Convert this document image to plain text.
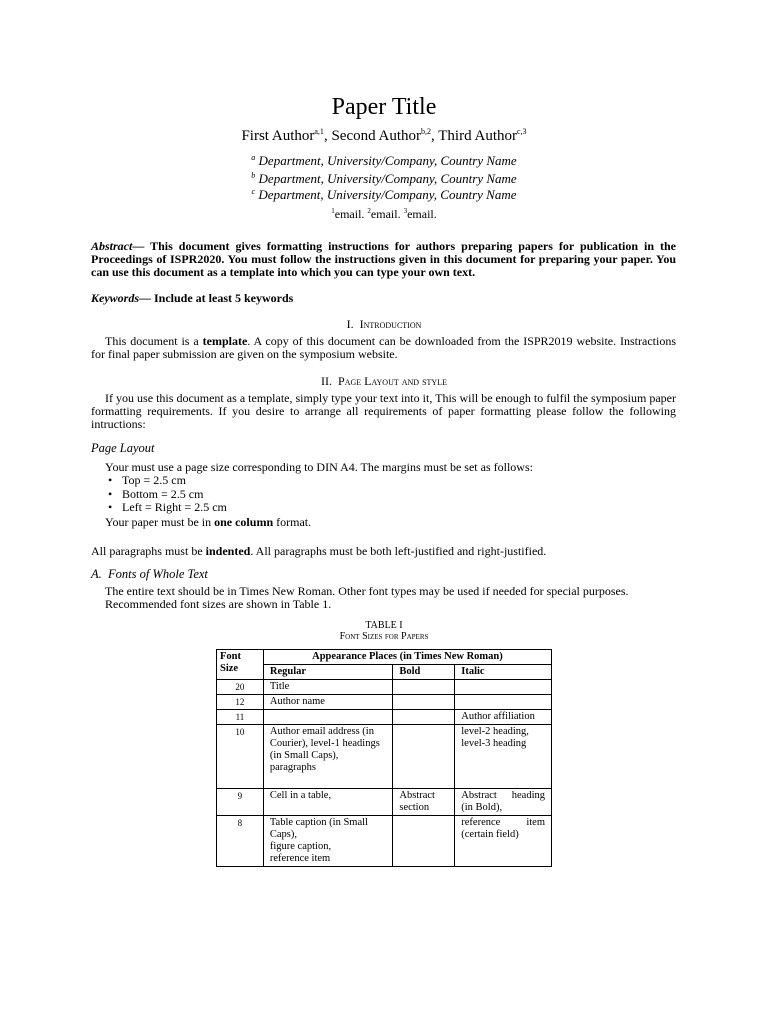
Paper Title
First Author$^{a,1}$, Second Author$^{b,2}$, Third Author$^{c,3}$
$^a$ Department, University/Company, Country Name
$^b$ Department, University/Company, Country Name
$^c$ Department, University/Company, Country Name
$^1$email. $^2$email. $^3$email.
Abstract— This document gives formatting instructions for authors preparing papers for publication in the Proceedings of ISPR2020. You must follow the instructions given in this document for preparing your paper. You can use this document as a template into which you can type your own text.
Keywords— Include at least 5 keywords
I. Introduction
This document is a template. A copy of this document can be downloaded from the ISPR2019 website. Instractions for final paper submission are given on the symposium website.
II. Page Layout and style
If you use this document as a template, simply type your text into it, This will be enough to fulfil the symposium paper formatting requirements. If you desire to arrange all requirements of paper formatting please follow the following intructions:
Page Layout
Your must use a page size corresponding to DIN A4. The margins must be set as follows:
• Top = 2.5 cm
• Bottom = 2.5 cm
• Left = Right = 2.5 cm
Your paper must be in one column format.
All paragraphs must be indented. All paragraphs must be both left-justified and right-justified.
A. Fonts of Whole Text
The entire text should be in Times New Roman. Other font types may be used if needed for special purposes. Recommended font sizes are shown in Table 1.
TABLE I
Font Sizes for Papers
Font Size	Appearance Places (in Times New Roman)		
	Regular	Bold	Italic
20	Title		
12	Author name		
11			Author affiliation
10	Author email address (in Courier), level-1 headings (in Small Caps), paragraphs		level-2 heading, level-3 heading
9	Cell in a table,	Abstract section	Abstract heading (in Bold),
8	Table caption (in Small Caps),
figure caption,
reference item		reference item (certain field)
